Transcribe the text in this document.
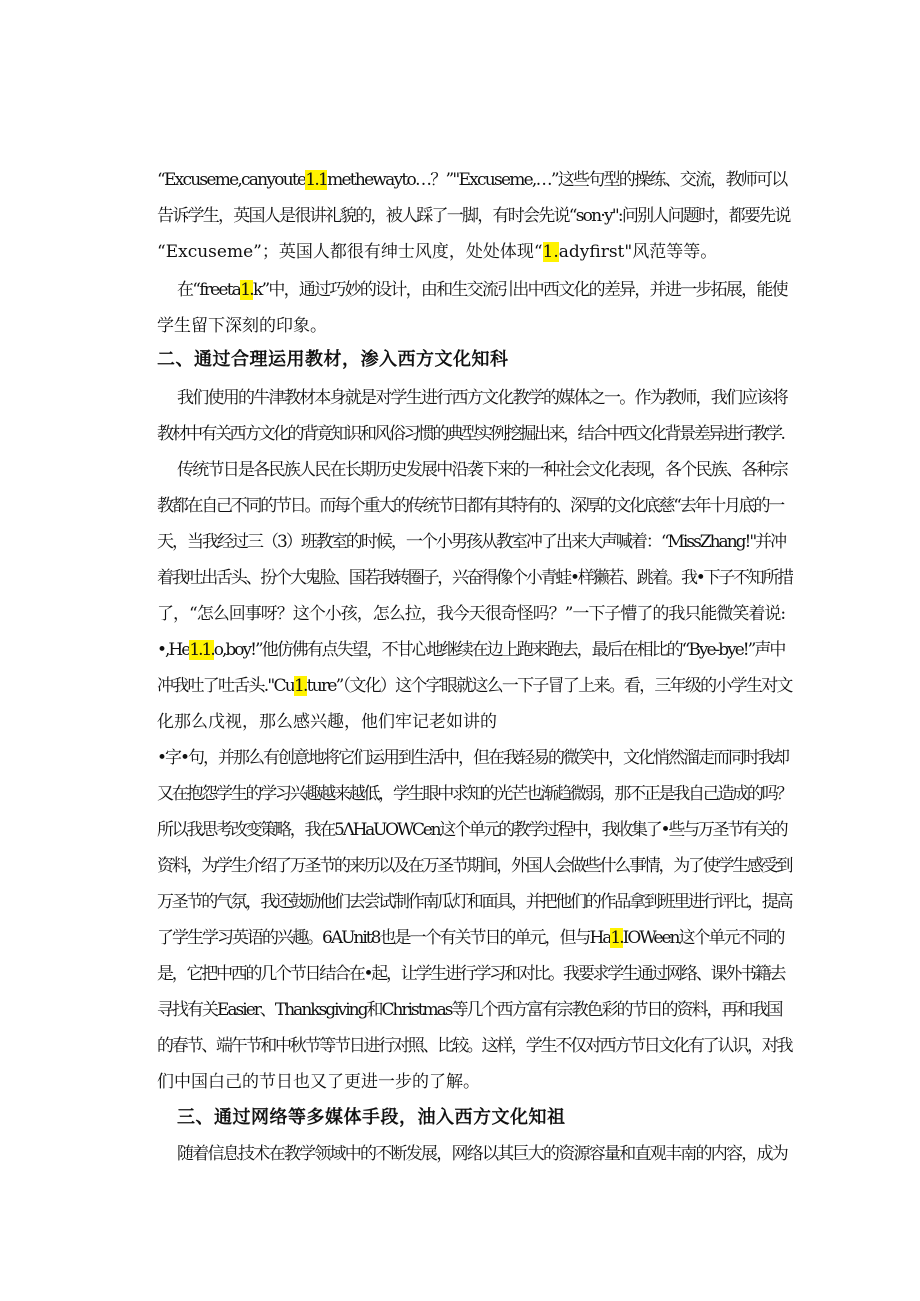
“Excuseme,canyoute1.1methewayto…？”"Excuseme,…”这些句型的操练、交流，教师可以
告诉学生，英国人是很讲礼貌的，被人踩了一脚，有时会先说“son·y":问别人问题时，都要先说
“Excuseme”；英国人都很有绅士风度，处处体现“1.adyfirst"风范等等。
在“freeta1.k”中，通过巧妙的设计，由和生交流引出中西文化的差异，并进一步拓展，能使
学生留下深刻的印象。
二、通过合理运用教材，渗入西方文化知科
我们使用的牛津教材本身就是对学生进行西方文化教学的媒体之一。作为教师，我们应该将
教材中有关西方文化的背竟知识和风俗习惯的典型实例挖掘出来，结合中西文化背景差异进行教学.
传统节日是各民族人民在长期历史发展中沿袭下来的一种社会文化表现，各个民族、各种宗
教都在自己不同的节日。而每个重大的传统节日都有其特有的、深厚的文化底慈“去年十月底的一
天，当我经过三（3）班教室的时候，一个小男孩从教室冲了出来大声喊着：“MissZhang!"并冲
着我吐出舌头、扮个大鬼脸、国若我转圈子，兴奋得像个小青蛙•样獭若、跳着。我•下子不知所措
了，“怎么回事呀？这个小孩，怎么拉，我今天很奇怪吗？”一下子懵了的我只能微笑着说:
•,He1.1.o,boy!”他仿佛有点失望，不甘心地继续在边上跑来跑去，最后在相比的“Bye-bye!”声中
冲我吐了吐舌头."Cu1.ture”（文化）这个字眼就这么一下子冒了上来。看，三年级的小学生对文
化那么戊视，那么感兴趣，他们牢记老如讲的
•字•句，并那么有创意地将它们运用到生活中，但在我轻易的微笑中，文化悄然溜走而同时我却
又在抱怨学生的学习兴趣越来越低，学生眼中求知的光芒也渐趋微弱，那不正是我自己造成的吗？
所以我思考改变策略，我在5ΛHaUOWCen这个单元的教学过程中，我收集了•些与万圣节有关的
资料，为学生介绍了万圣节的来历以及在万圣节期间，外国人会做些什么事情，为了使学生感受到
万圣节的气氛，我还鼓励他们去尝试制作南瓜灯和面具，并把他们的作品拿到班里进行评比，提高
了学生学习英语的兴趣。6AUnit8也是一个有关节日的单元，但与Ha1.IOWeen这个单元不同的
是，它把中西的几个节日结合在•起，让学生进行学习和对比。我要求学生通过网络、课外书籍去
寻找有关Easier、Thanksgiving和Christmas等几个西方富有宗教色彩的节日的资料，再和我国
的春节、端午节和中秋节等节日进行对照、比较。这样，学生不仅对西方节日文化有了认识，对我
们中国白己的节日也又了更进一步的了解。
三、通过网络等多媒体手段，油入西方文化知祖
随着信息技术在教学领域中的不断发展，网络以其巨大的资源容量和直观丰南的内容，成为
